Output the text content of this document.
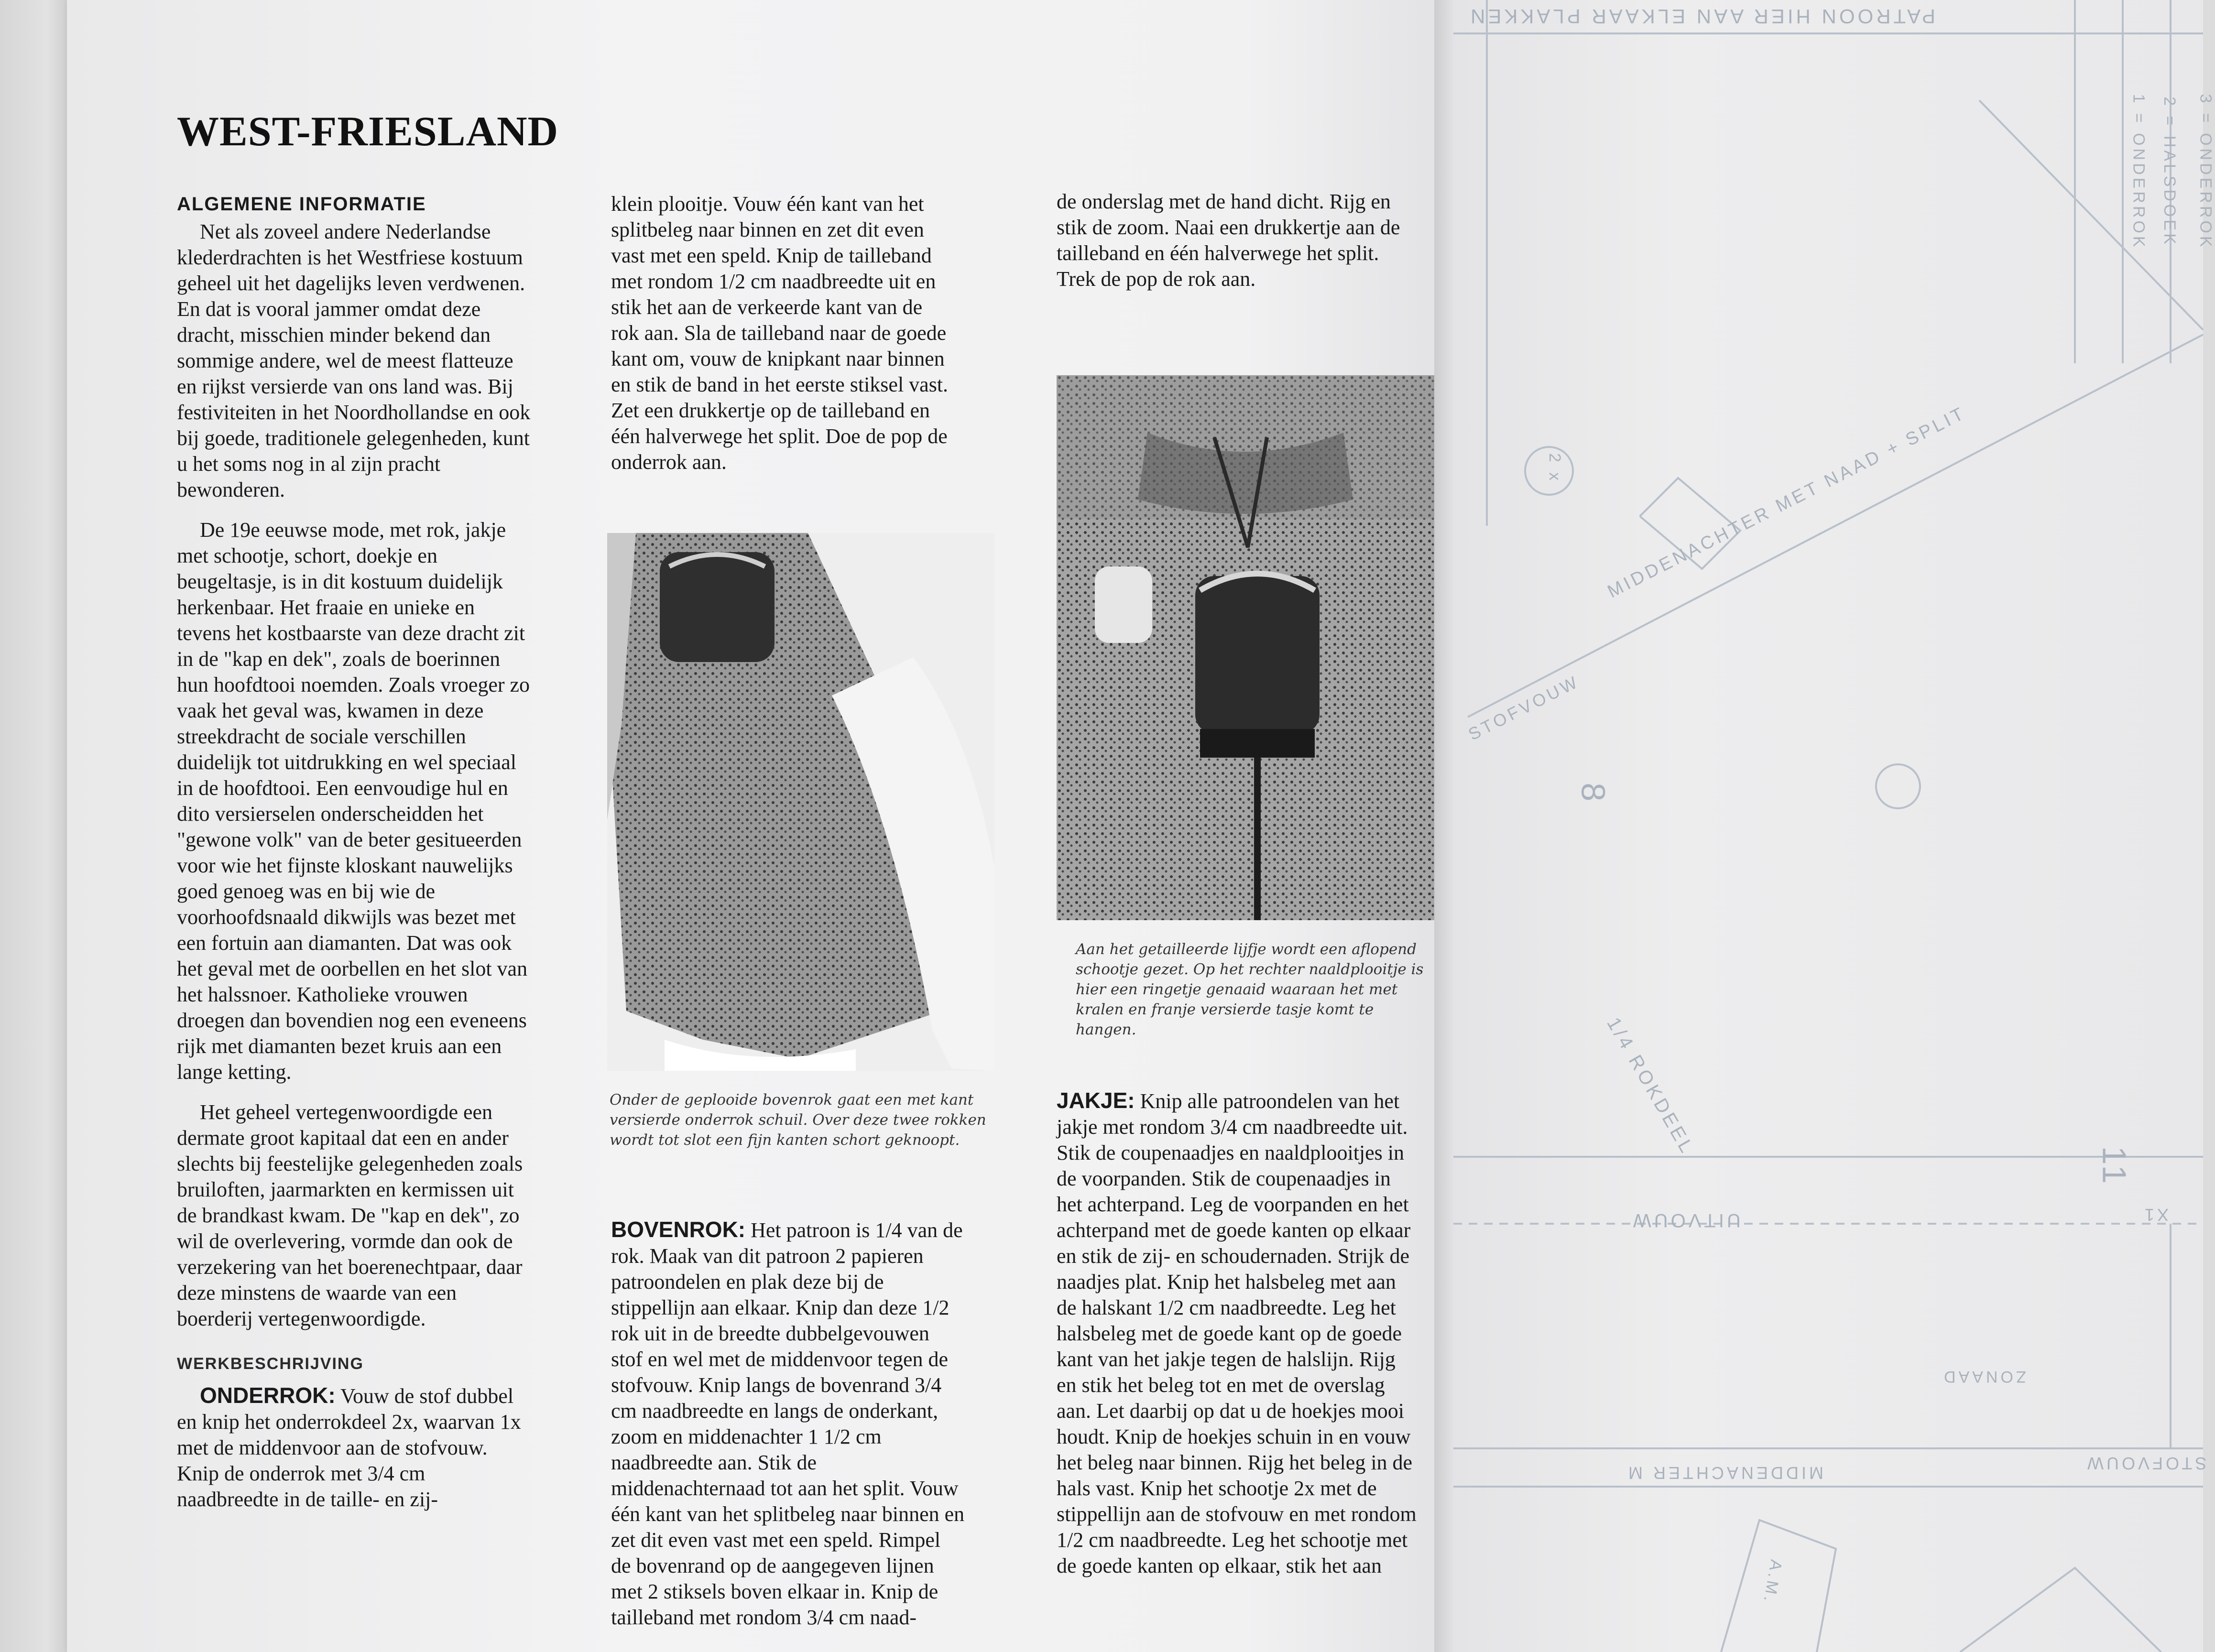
WEST-FRIESLAND
ALGEMENE INFORMATIE

Net als zoveel andere Nederlandse klederdrachten is het Westfriese kostuum geheel uit het dagelijks leven verdwenen. En dat is vooral jammer omdat deze dracht, misschien minder bekend dan sommige andere, wel de meest flatteuze en rijkst versierde van ons land was. Bij festiviteiten in het Noordhollandse en ook bij goede, traditionele gelegenheden, kunt u het soms nog in al zijn pracht bewonderen.

De 19e eeuwse mode, met rok, jakje met schootje, schort, doekje en beugeltasje, is in dit kostuum duidelijk herkenbaar. Het fraaie en unieke en tevens het kostbaarste van deze dracht zit in de "kap en dek", zoals de boerinnen hun hoofdtooi noemden. Zoals vroeger zo vaak het geval was, kwamen in deze streekdracht de sociale verschillen duidelijk tot uitdrukking en wel speciaal in de hoofdtooi. Een eenvoudige hul en dito versierselen onderscheidden het "gewone volk" van de beter gesitueerden voor wie het fijnste kloskant nauwelijks goed genoeg was en bij wie de voorhoofdsnaald dikwijls was bezet met een fortuin aan diamanten. Dat was ook het geval met de oorbellen en het slot van het halssnoer. Katholieke vrouwen droegen dan bovendien nog een eveneens rijk met diamanten bezet kruis aan een lange ketting.

Het geheel vertegenwoordigde een dermate groot kapitaal dat een en ander slechts bij feestelijke gelegenheden zoals bruiloften, jaarmarkten en kermissen uit de brandkast kwam. De "kap en dek", zo wil de overlevering, vormde dan ook de verzekering van het boerenechtpaar, daar deze minstens de waarde van een boerderij vertegenwoordigde.

WERKBESCHRIJVING

ONDERROK: Vouw de stof dubbel en knip het onderrokdeel 2x, waarvan 1x met de middenvoor aan de stofvouw. Knip de onderrok met 3/4 cm naadbreedte in de taille- en zij-

klein plooitje. Vouw één kant van het splitbeleg naar binnen en zet dit even vast met een speld. Knip de tailleband met rondom 1/2 cm naadbreedte uit en stik het aan de verkeerde kant van de rok aan. Sla de tailleband naar de goede kant om, vouw de knipkant naar binnen en stik de band in het eerste stiksel vast. Zet een drukkertje op de tailleband en één halverwege het split. Doe de pop de onderrok aan.

Onder de geplooide bovenrok gaat een met kant versierde onderrok schuil. Over deze twee rokken wordt tot slot een fijn kanten schort geknoopt.

BOVENROK: Het patroon is 1/4 van de rok. Maak van dit patroon 2 papieren patroondelen en plak deze bij de stippellijn aan elkaar. Knip dan deze 1/2 rok uit in de breedte dubbelgevouwen stof en wel met de middenvoor tegen de stofvouw. Knip langs de bovenrand 3/4 cm naadbreedte en langs de onderkant, zoom en middenachter 1 1/2 cm naadbreedte aan. Stik de middenachternaad tot aan het split. Vouw één kant van het splitbeleg naar binnen en zet dit even vast met een speld. Rimpel de bovenrand op de aangegeven lijnen met 2 stiksels boven elkaar in. Knip de tailleband met rondom 3/4 cm naad-

de onderslag met de hand dicht. Rijg en stik de zoom. Naai een drukkertje aan de tailleband en één halverwege het split. Trek de pop de rok aan.

Aan het getailleerde lijfje wordt een aflopend schootje gezet. Op het rechter naaldplooitje is hier een ringetje genaaid waaraan het met kralen en franje versierde tasje komt te hangen.

JAKJE: Knip alle patroondelen van het jakje met rondom 3/4 cm naadbreedte uit. Stik de coupenaadjes en naaldplooitjes in de voorpanden. Stik de coupenaadjes in het achterpand. Leg de voorpanden en het achterpand met de goede kanten op elkaar en stik de zij- en schoudernaden. Strijk de naadjes plat. Knip het halsbeleg met aan de halskant 1/2 cm naadbreedte. Leg het halsbeleg met de goede kant op de goede kant van het jakje tegen de halslijn. Rijg en stik het beleg tot en met de overslag aan. Let daarbij op dat u de hoekjes mooi houdt. Knip de hoekjes schuin in en vouw het beleg naar binnen. Rijg het beleg in de hals vast. Knip het schootje 2x met de stippellijn aan de stofvouw en met rondom 1/2 cm naadbreedte. Leg het schootje met de goede kanten op elkaar, stik het aan

PATROON HIER AAN ELKAAR PLAKKEN
1 = ONDERROK 2 = HALSDOEK 3 = ONDERROK
MIDDENACHTER MET NAAD + SPLIT
STOFVOUW
8
11
1/4 ROKDEEL
UITVOUW	X1
ZONAAD
MIDDENACHTER M	STOFVOUW
2 x
A.M.
